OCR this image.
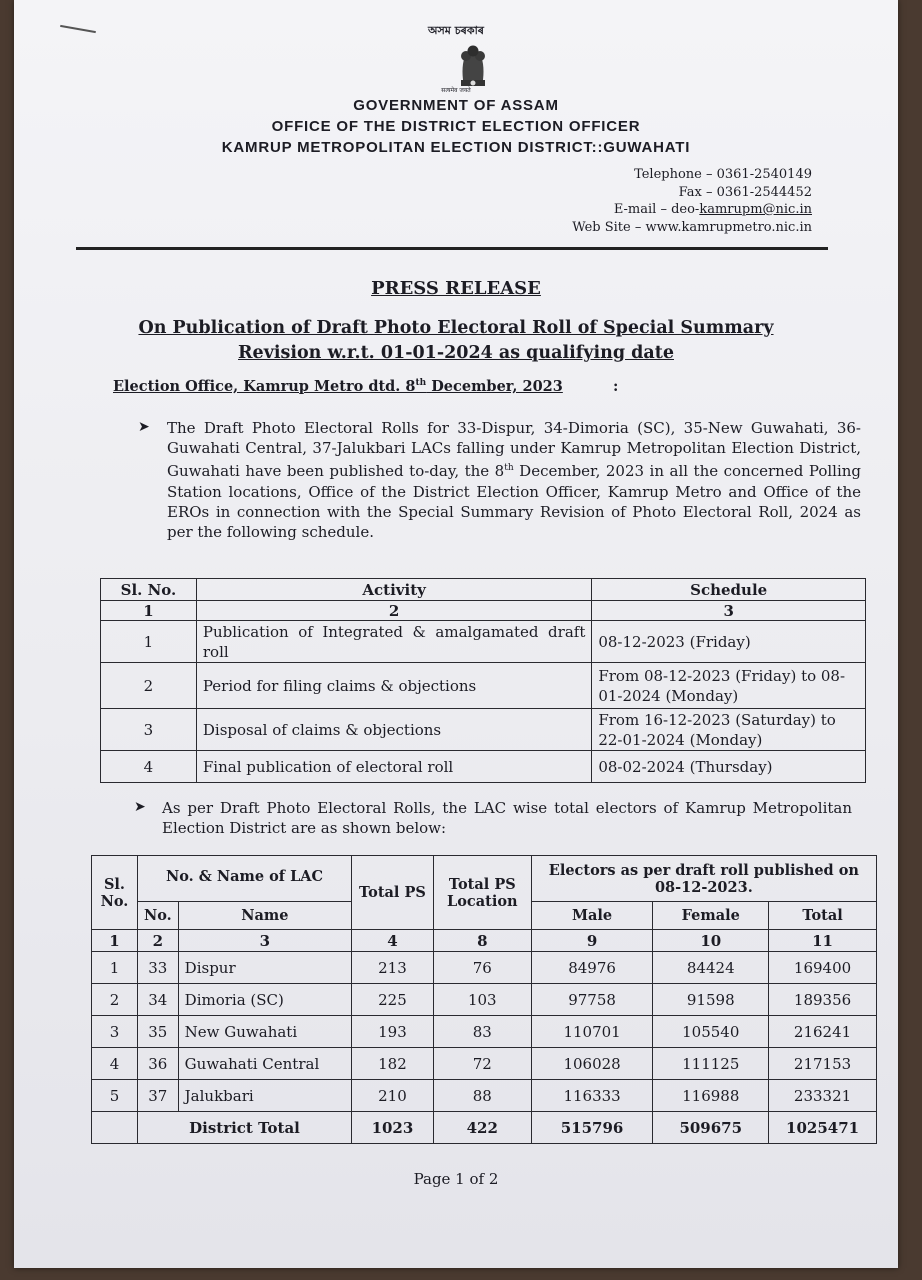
অসম চৰকাৰ
सत्यमेव जयते
GOVERNMENT OF ASSAM
OFFICE OF THE DISTRICT ELECTION OFFICER
KAMRUP METROPOLITAN ELECTION DISTRICT::GUWAHATI
Telephone – 0361-2540149
Fax – 0361-2544452
E-mail – deo-kamrupm@nic.in
Web Site – www.kamrupmetro.nic.in
PRESS RELEASE
On Publication of Draft Photo Electoral Roll of Special Summary
Revision w.r.t. 01-01-2024 as qualifying date
Election Office, Kamrup Metro dtd. 8th December, 2023	:
➤ The Draft Photo Electoral Rolls for 33-Dispur, 34-Dimoria (SC), 35-New Guwahati, 36-Guwahati Central, 37-Jalukbari LACs falling under Kamrup Metropolitan Election District, Guwahati have been published to-day, the 8th December, 2023 in all the concerned Polling Station locations, Office of the District Election Officer, Kamrup Metro and Office of the EROs in connection with the Special Summary Revision of Photo Electoral Roll, 2024 as per the following schedule.
Sl. No.	Activity	Schedule
1	2	3
1	Publication of Integrated & amalgamated draft roll	08-12-2023 (Friday)
2	Period for filing claims & objections	From 08-12-2023 (Friday) to 08-01-2024 (Monday)
3	Disposal of claims & objections	From 16-12-2023 (Saturday) to 22-01-2024 (Monday)
4	Final publication of electoral roll	08-02-2024 (Thursday)
➤ As per Draft Photo Electoral Rolls, the LAC wise total electors of Kamrup Metropolitan Election District are as shown below:
Sl. No.	No. & Name of LAC		Total PS	Total PS Location	Electors as per draft roll published on 08-12-2023.		
	No.	Name			Male	Female	Total
1	2	3	4	8	9	10	11
1	33	Dispur	213	76	84976	84424	169400
2	34	Dimoria (SC)	225	103	97758	91598	189356
3	35	New Guwahati	193	83	110701	105540	216241
4	36	Guwahati Central	182	72	106028	111125	217153
5	37	Jalukbari	210	88	116333	116988	233321
	District Total		1023	422	515796	509675	1025471
Page 1 of 2
